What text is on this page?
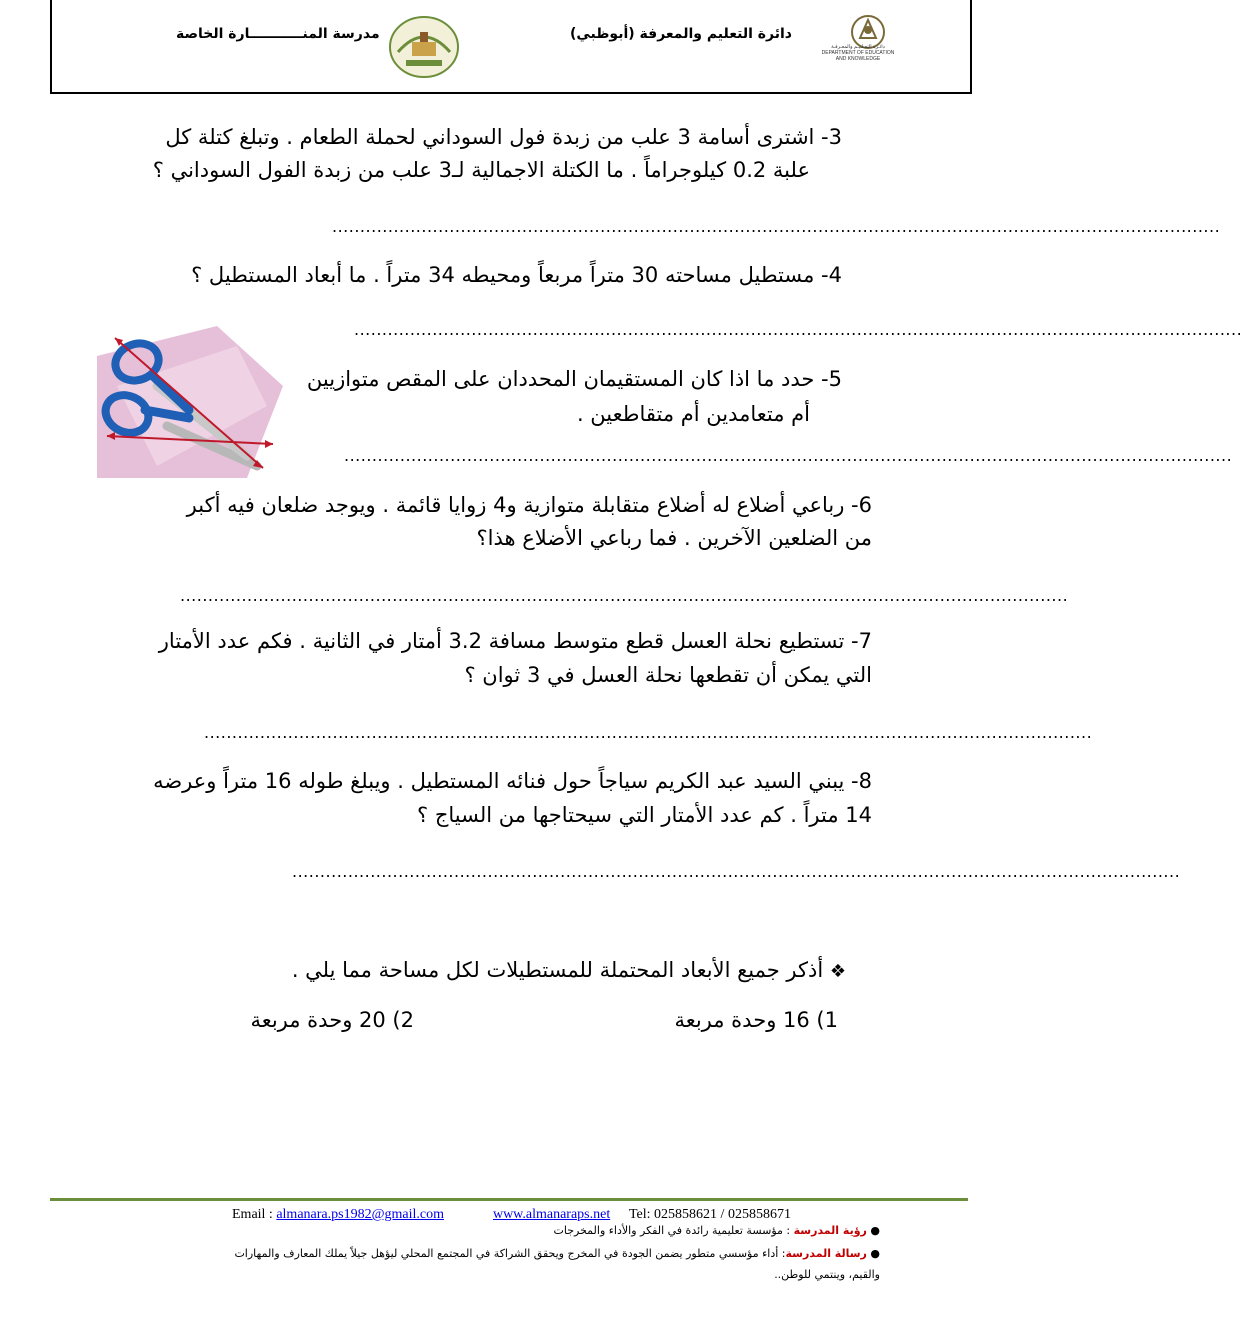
دائـرة التعـلـيـم والمعـرفـة DEPARTMENT OF EDUCATION AND KNOWLEDGE
دائرة التعليم والمعرفة (أبوظبي)
مدرسة المنـــــــــــارة الخاصة
3- اشترى أسامة 3 علب من زبدة فول السوداني لحملة الطعام . وتبلغ كتلة كل
علبة 0.2 كيلوجراماً . ما الكتلة الاجمالية لـ3 علب من زبدة الفول السوداني ؟
...............................................................................................................................................................
4- مستطيل مساحته 30 متراً مربعاً ومحيطه 34 متراً . ما أبعاد المستطيل ؟
...............................................................................................................................................................
5- حدد ما اذا كان المستقيمان المحددان على المقص متوازيين
أم متعامدين أم متقاطعين .
...............................................................................................................................................................
6- رباعي أضلاع له أضلاع متقابلة متوازية و4 زوايا قائمة . ويوجد ضلعان فيه أكبر
من الضلعين الآخرين . فما رباعي الأضلاع هذا؟
...............................................................................................................................................................
7- تستطيع نحلة العسل قطع متوسط مسافة 3.2 أمتار في الثانية . فكم عدد الأمتار
التي يمكن أن تقطعها نحلة العسل في 3 ثوان ؟
...............................................................................................................................................................
8- يبني السيد عبد الكريم سياجاً حول فنائه المستطيل . ويبلغ طوله 16 متراً وعرضه
14 متراً . كم عدد الأمتار التي سيحتاجها من السياج ؟
...............................................................................................................................................................
❖ أذكر جميع الأبعاد المحتملة للمستطيلات لكل مساحة مما يلي .
1) 16 وحدة مربعة
2) 20 وحدة مربعة
Email : almanara.ps1982@gmail.com	www.almanaraps.net Tel: 025858621 / 025858671
● رؤية المدرسة : مؤسسة تعليمية رائدة في الفكر والأداء والمخرجات
● رسالة المدرسة: أداء مؤسسي متطور يضمن الجودة في المخرج ويحقق الشراكة في المجتمع المحلي ليؤهل جيلاً يملك المعارف والمهارات
والقيم، وينتمي للوطن..
